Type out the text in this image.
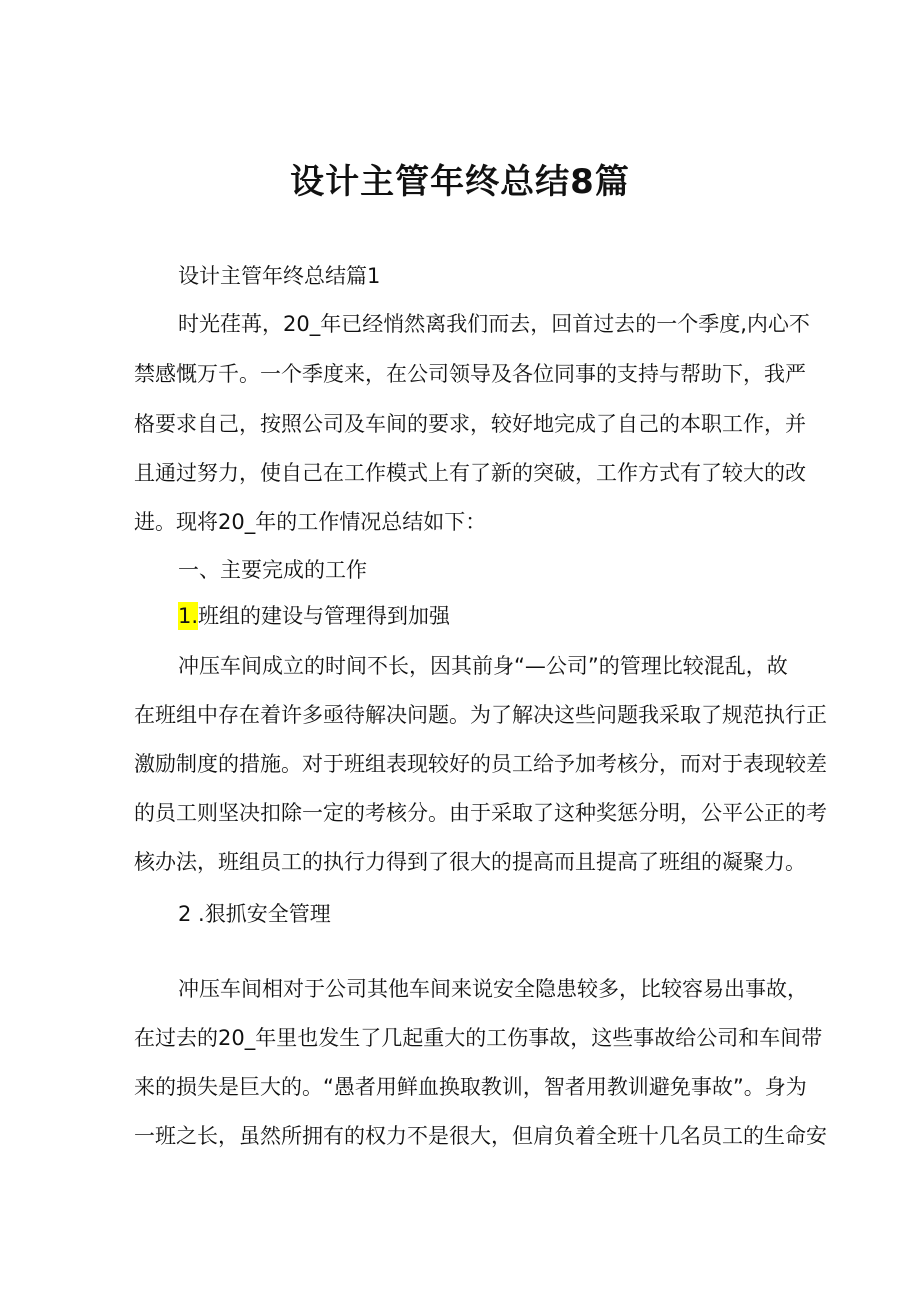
设计主管年终总结8篇
设计主管年终总结篇1
时光荏苒，20_年已经悄然离我们而去，回首过去的一个季度,内心不
禁感慨万千。一个季度来，在公司领导及各位同事的支持与帮助下，我严
格要求自己，按照公司及车间的要求，较好地完成了自己的本职工作，并
且通过努力，使自己在工作模式上有了新的突破，工作方式有了较大的改
进。现将20_年的工作情况总结如下：
一、主要完成的工作
1.班组的建设与管理得到加强
冲压车间成立的时间不长，因其前身“—公司”的管理比较混乱，故
在班组中存在着许多亟待解决问题。为了解决这些问题我采取了规范执行正
激励制度的措施。对于班组表现较好的员工给予加考核分，而对于表现较差
的员工则坚决扣除一定的考核分。由于采取了这种奖惩分明，公平公正的考
核办法，班组员工的执行力得到了很大的提高而且提高了班组的凝聚力。
2 .狠抓安全管理
冲压车间相对于公司其他车间来说安全隐患较多，比较容易出事故，
在过去的20_年里也发生了几起重大的工伤事故，这些事故给公司和车间带
来的损失是巨大的。“愚者用鲜血换取教训，智者用教训避免事故”。身为
一班之长，虽然所拥有的权力不是很大，但肩负着全班十几名员工的生命安
